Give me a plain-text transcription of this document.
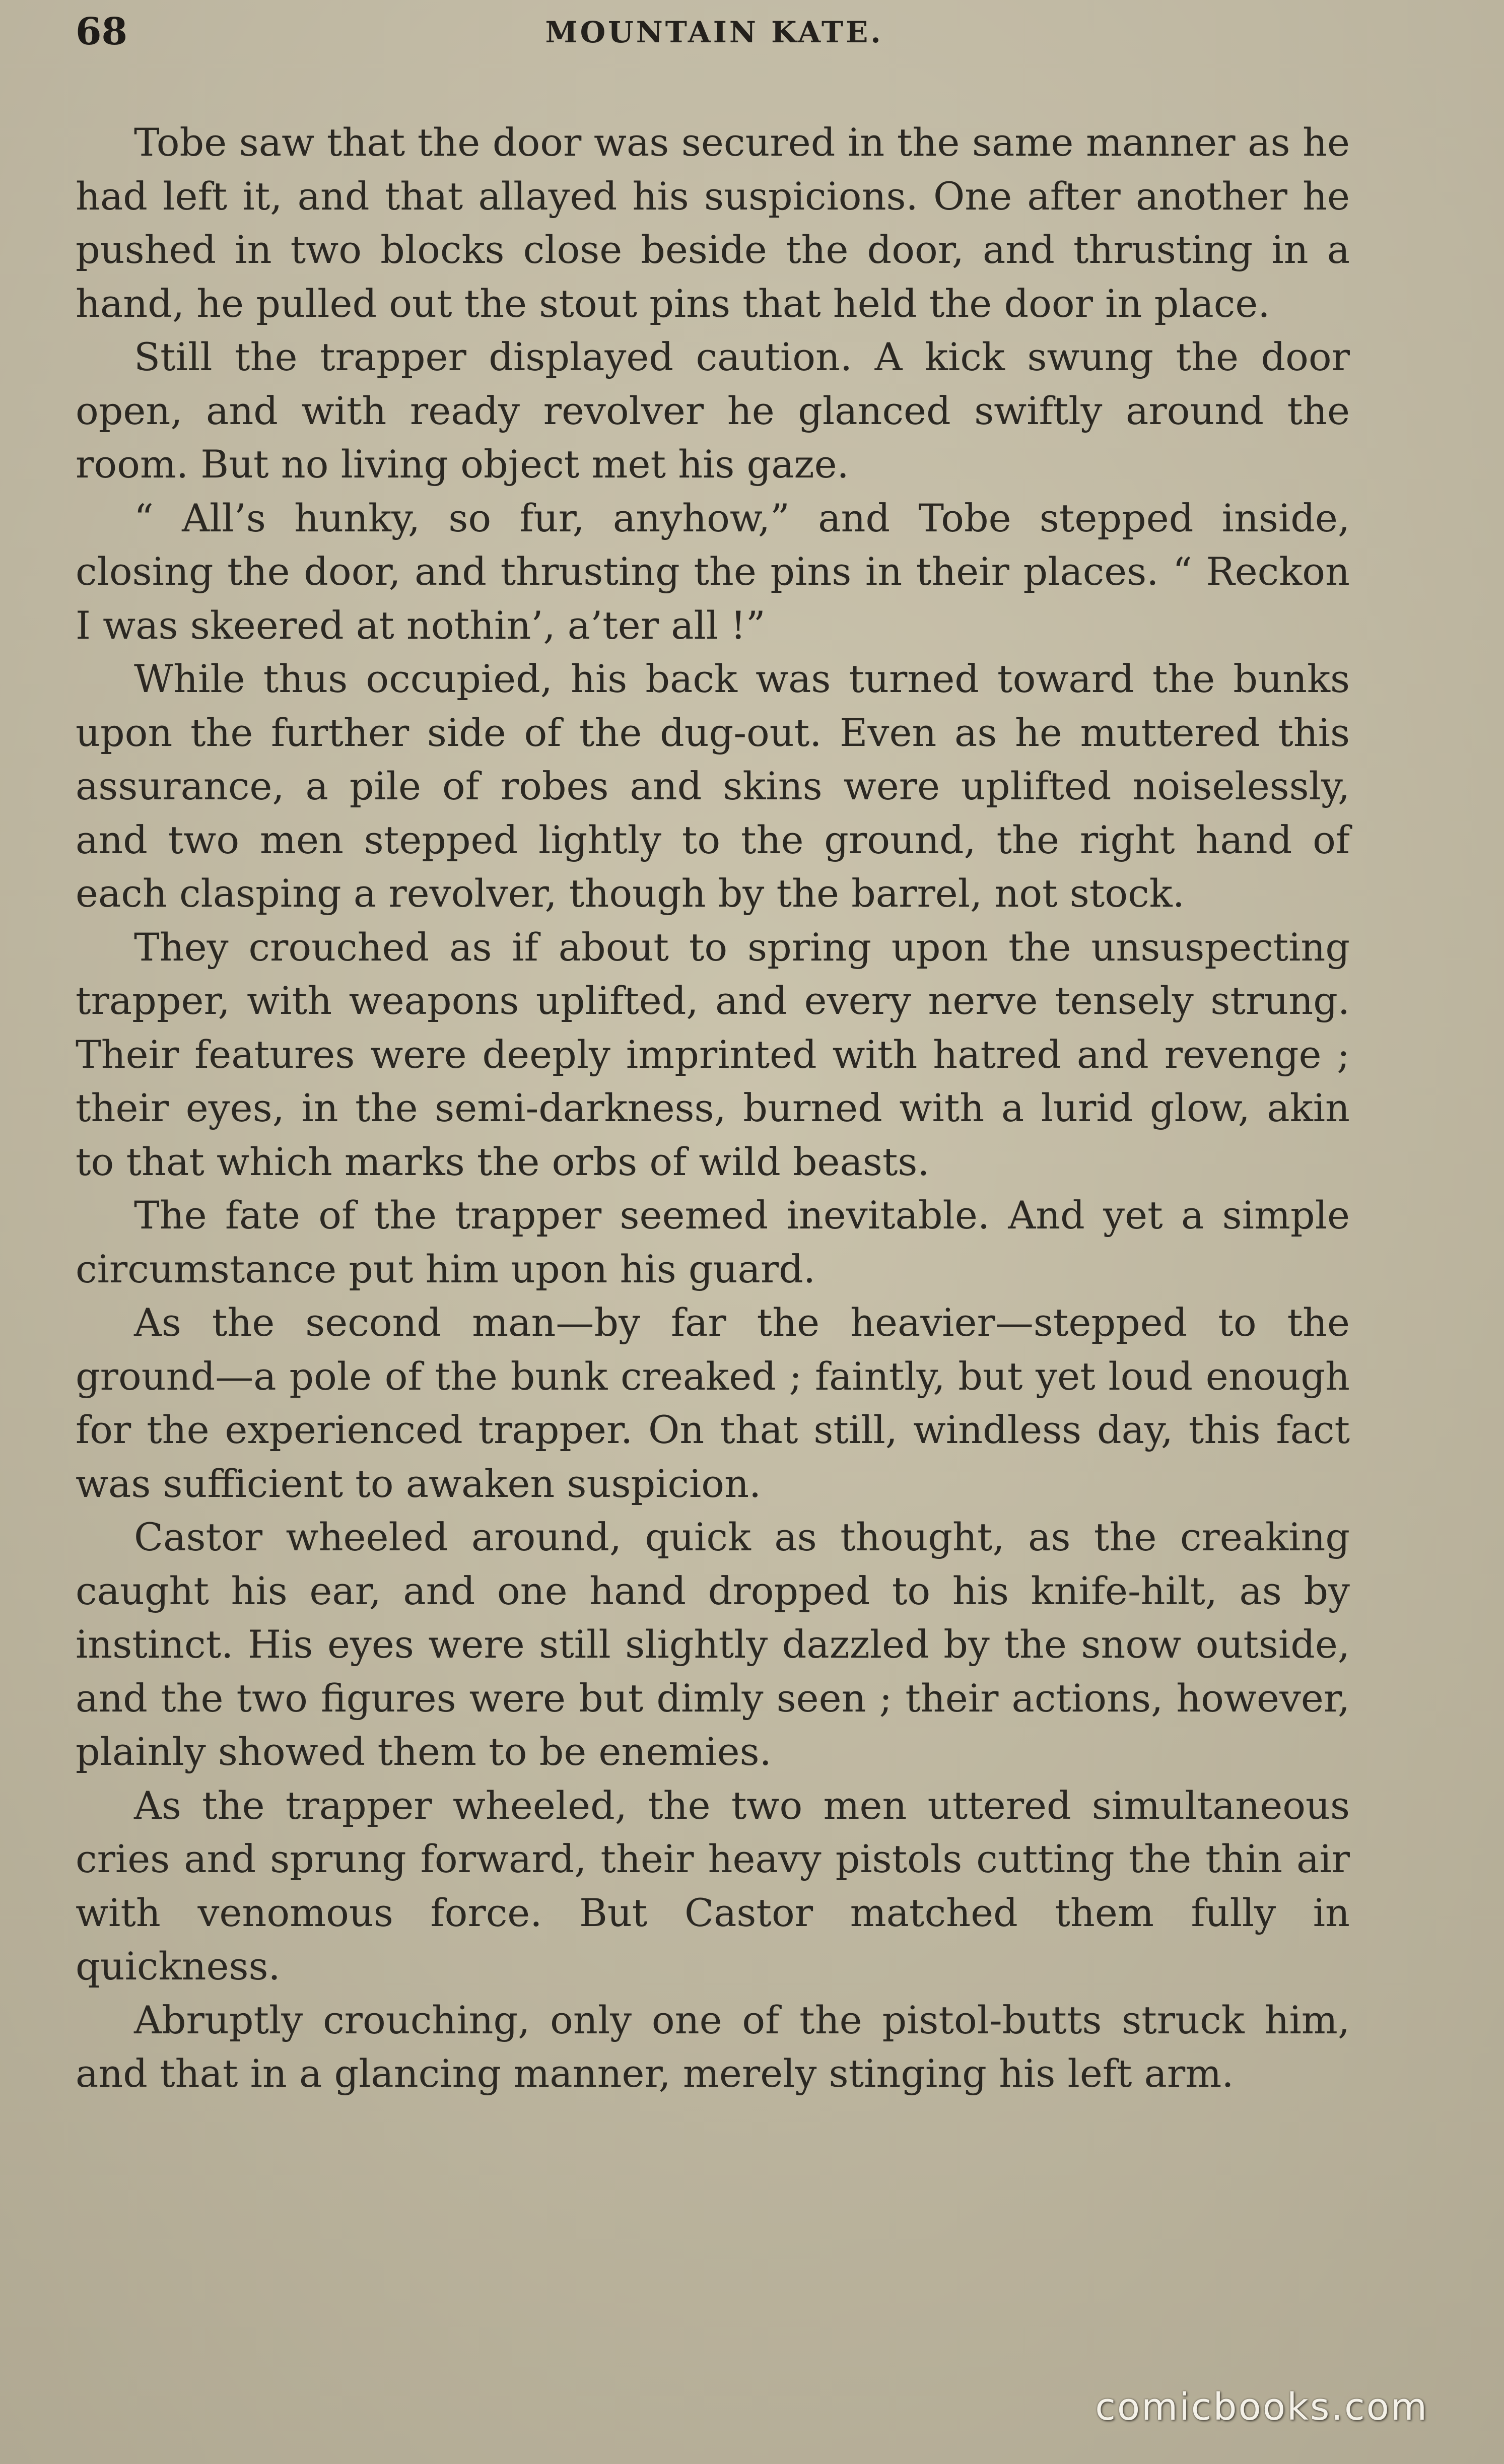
68	MOUNTAIN KATE.

Tobe saw that the door was secured in the same manner as he had left it, and that allayed his suspicions. One after another he pushed in two blocks close beside the door, and thrusting in a hand, he pulled out the stout pins that held the door in place.

Still the trapper displayed caution. A kick swung the door open, and with ready revolver he glanced swiftly around the room. But no living object met his gaze.

“ All’s hunky, so fur, anyhow,” and Tobe stepped inside, closing the door, and thrusting the pins in their places. “ Reckon I was skeered at nothin’, a’ter all !”

While thus occupied, his back was turned toward the bunks upon the further side of the dug-out. Even as he muttered this assurance, a pile of robes and skins were uplifted noiselessly, and two men stepped lightly to the ground, the right hand of each clasping a revolver, though by the barrel, not stock.

They crouched as if about to spring upon the unsuspecting trapper, with weapons uplifted, and every nerve tensely strung. Their features were deeply imprinted with hatred and revenge ; their eyes, in the semi-darkness, burned with a lurid glow, akin to that which marks the orbs of wild beasts.

The fate of the trapper seemed inevitable. And yet a simple circumstance put him upon his guard.

As the second man—by far the heavier—stepped to the ground—a pole of the bunk creaked ; faintly, but yet loud enough for the experienced trapper. On that still, windless day, this fact was sufficient to awaken suspicion.

Castor wheeled around, quick as thought, as the creaking caught his ear, and one hand dropped to his knife-hilt, as by instinct. His eyes were still slightly dazzled by the snow outside, and the two figures were but dimly seen ; their actions, however, plainly showed them to be enemies.

As the trapper wheeled, the two men uttered simultaneous cries and sprung forward, their heavy pistols cutting the thin air with venomous force. But Castor matched them fully in quickness.

Abruptly crouching, only one of the pistol-butts struck him, and that in a glancing manner, merely stinging his left arm.

comicbooks.com
